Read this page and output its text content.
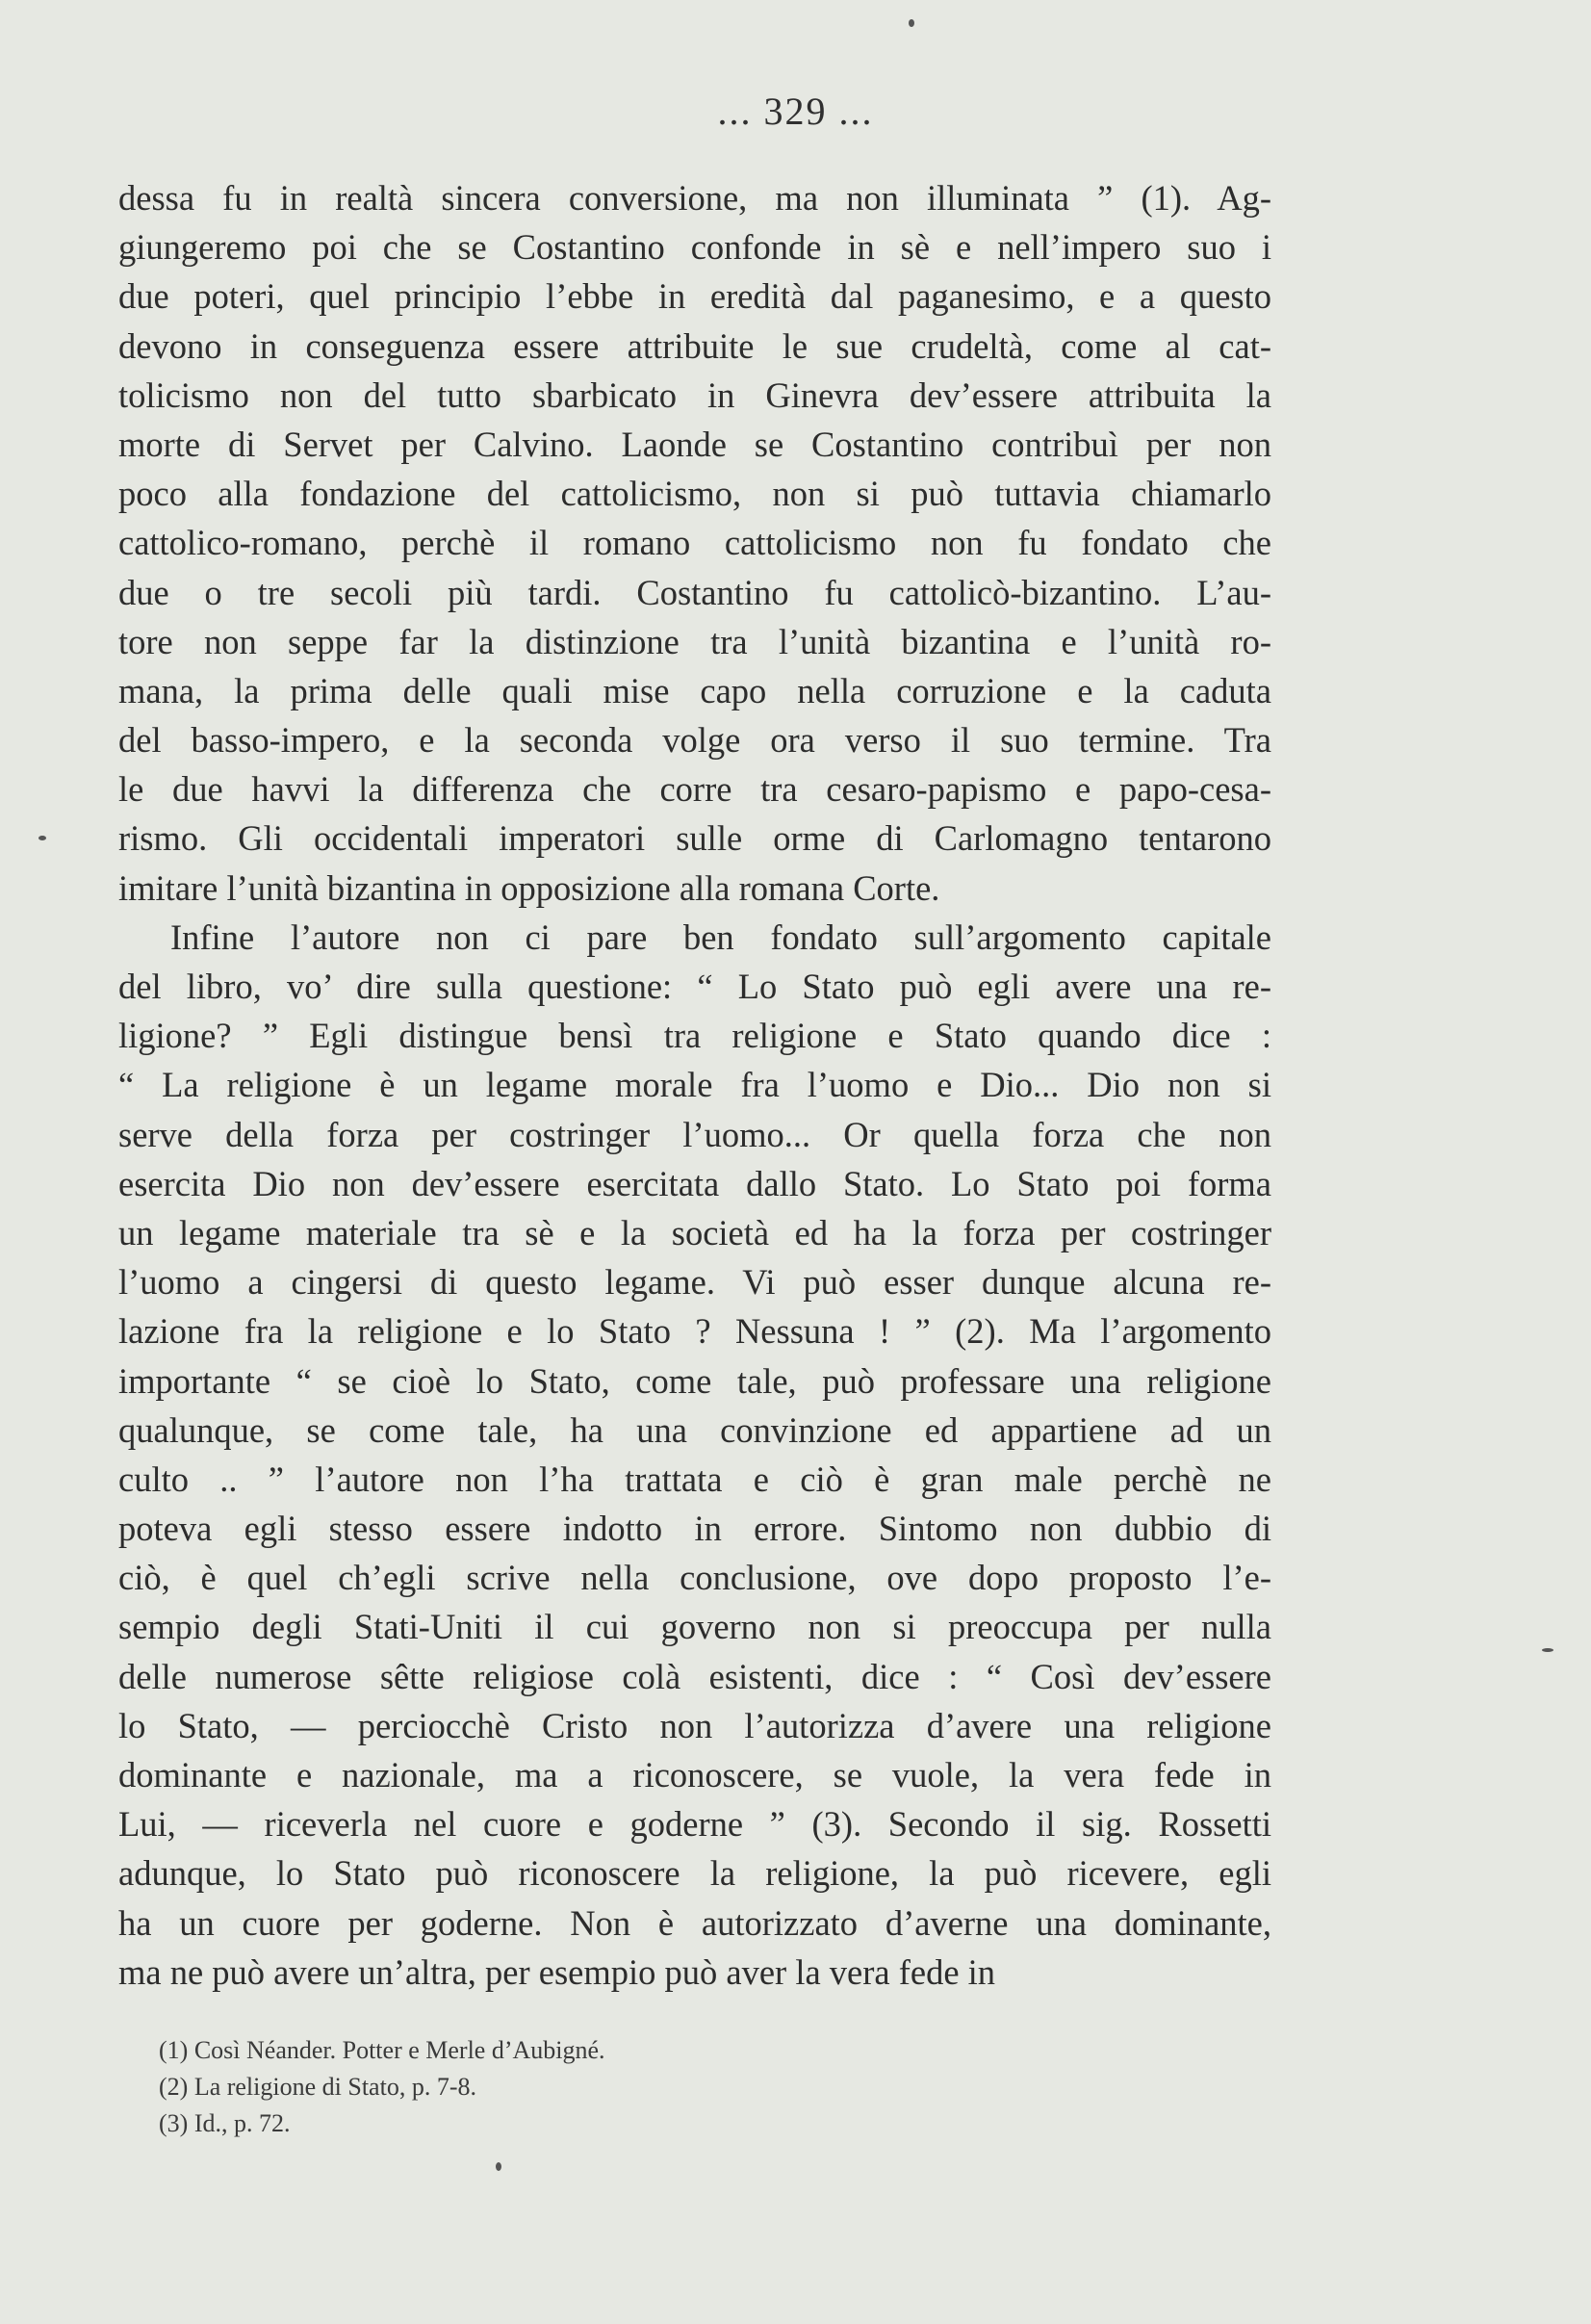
... 329 ...
dessa fu in realtà sincera conversione, ma non illuminata ” (1). Ag-
giungeremo poi che se Costantino confonde in sè e nell’impero suo i
due poteri, quel principio l’ebbe in eredità dal paganesimo, e a questo
devono in conseguenza essere attribuite le sue crudeltà, come al cat-
tolicismo non del tutto sbarbicato in Ginevra dev’essere attribuita la
morte di Servet per Calvino. Laonde se Costantino contribuì per non
poco alla fondazione del cattolicismo, non si può tuttavia chiamarlo
cattolico-romano, perchè il romano cattolicismo non fu fondato che
due o tre secoli più tardi. Costantino fu cattolicò-bizantino. L’au-
tore non seppe far la distinzione tra l’unità bizantina e l’unità ro-
mana, la prima delle quali mise capo nella corruzione e la caduta
del basso-impero, e la seconda volge ora verso il suo termine. Tra
le due havvi la differenza che corre tra cesaro-papismo e papo-cesa-
rismo. Gli occidentali imperatori sulle orme di Carlomagno tentarono
imitare l’unità bizantina in opposizione alla romana Corte.
Infine l’autore non ci pare ben fondato sull’argomento capitale
del libro, vo’ dire sulla questione: “ Lo Stato può egli avere una re-
ligione? ” Egli distingue bensì tra religione e Stato quando dice :
“ La religione è un legame morale fra l’uomo e Dio... Dio non si
serve della forza per costringer l’uomo... Or quella forza che non
esercita Dio non dev’essere esercitata dallo Stato. Lo Stato poi forma
un legame materiale tra sè e la società ed ha la forza per costringer
l’uomo a cingersi di questo legame. Vi può esser dunque alcuna re-
lazione fra la religione e lo Stato ? Nessuna ! ” (2). Ma l’argomento
importante “ se cioè lo Stato, come tale, può professare una religione
qualunque, se come tale, ha una convinzione ed appartiene ad un
culto .. ” l’autore non l’ha trattata e ciò è gran male perchè ne
poteva egli stesso essere indotto in errore. Sintomo non dubbio di
ciò, è quel ch’egli scrive nella conclusione, ove dopo proposto l’e-
sempio degli Stati-Uniti il cui governo non si preoccupa per nulla
delle numerose sêtte religiose colà esistenti, dice : “ Così dev’essere
lo Stato, — perciocchè Cristo non l’autorizza d’avere una religione
dominante e nazionale, ma a riconoscere, se vuole, la vera fede in
Lui, — riceverla nel cuore e goderne ” (3). Secondo il sig. Rossetti
adunque, lo Stato può riconoscere la religione, la può ricevere, egli
ha un cuore per goderne. Non è autorizzato d’averne una dominante,
ma ne può avere un’altra, per esempio può aver la vera fede in
(1) Così Néander. Potter e Merle d’Aubigné.
(2) La religione di Stato, p. 7-8.
(3) Id., p. 72.
